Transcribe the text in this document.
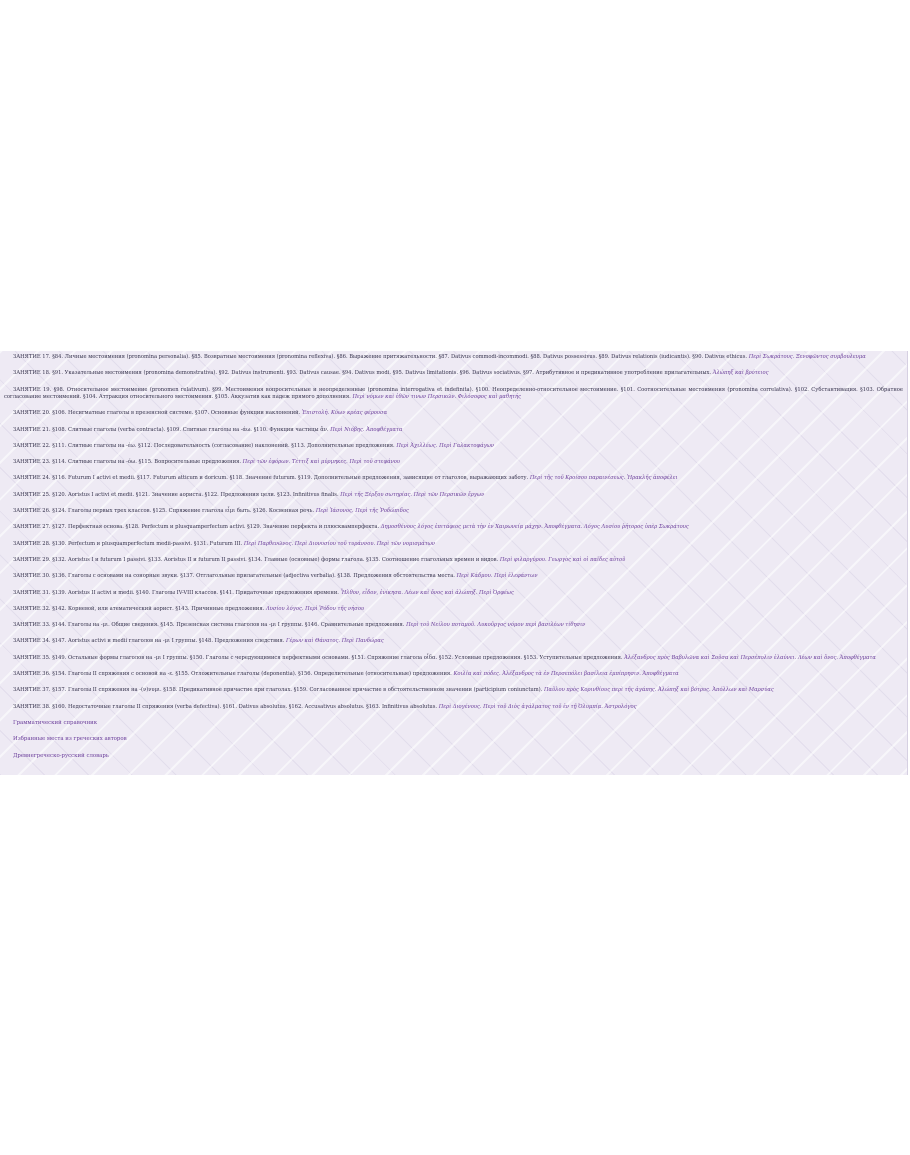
ЗАНЯТИЕ 17. §84. Личные местоимения (pronomina personalia). §85. Возвратные местоимения (pronomina reflexiva). §86. Выражение притяжательности. §87. Dativus commodi-incommodi. §88. Dativus possessivus. §89. Dativus relationis (iudicantis). §90. Dativus ethicus. Περὶ Σωκράτους. Ξενοφῶντος συμβουλευμα

ЗАНЯТИЕ 18. §91. Указательные местоимения (pronomina demonstrativa). §92. Dativus instrumenti. §93. Dativus causae. §94. Dativus modi. §95. Dativus limitationis. §96. Dativus sociativus. §97. Атрибутивное и предикативное употребление прилагательных. Ἀλώπηξ καὶ βρότειος

ЗАНЯТИЕ 19. §98. Относительное местоимение (pronomen relativum). §99. Местоимения вопросительные и неопределенные (pronomina interrogativa et indefinita). §100. Неопределенно-относительное местоимение. §101. Соотносительные местоимения (pronomina correlativa). §102. Субстантивация. §103. Обратное согласование местоимений. §104. Аттракция относительного местоимения. §105. Аккузатив как падеж прямого дополнения. Περὶ νόμων καὶ ἐθῶν τινων Περσικῶν. Φιλόσοφος καὶ μαθητής

ЗАНЯТИЕ 20. §106. Несигматные глаголы в презенсной системе. §107. Основные функции наклонений. Ἐπιστολή. Κύων κρέας φέρουσα

ЗАНЯТИЕ 21. §108. Слитные глаголы (verba contracta). §109. Слитные глаголы на -άω. §110. Функции частицы ἄν. Περὶ Νιόβης. Ἀποφθέγματα

ЗАНЯТИЕ 22. §111. Слитные глаголы на -έω. §112. Последовательность (согласование) наклонений. §113. Дополнительные предложения. Περὶ Ἀχιλλέως. Περὶ Γαλακτοφάγων

ЗАНЯТИЕ 23. §114. Слитные глаголы на -όω. §115. Вопросительные предложения. Περὶ τῶν ἐφόρων. Τέττιξ καὶ μύρμηκες. Περὶ τοῦ στεφάνου

ЗАНЯТИЕ 24. §116. Futurum I activi et medii. §117. Futurum atticum и doricum. §118. Значение futurum. §119. Дополнительные предложения, зависящие от глаголов, выражающих заботу. Περὶ τῆς τοῦ Κροίσου παραινέσεως. Ἡρακλῆς ἀποφέλει

ЗАНЯТИЕ 25. §120. Aoristus I activi et medii. §121. Значение аориста. §122. Предложения цели. §123. Infinitivus finalis. Περὶ τῆς Ξέρξου σωτηρίας. Περὶ τῶν Περσικῶν ἔργων

ЗАНЯТИЕ 26. §124. Глаголы первых трех классов. §125. Спряжение глагола εἶμι быть. §126. Косвенная речь. Περὶ Ἰάσονος. Περὶ τῆς Ῥοδώπιδος

ЗАНЯТИЕ 27. §127. Перфектная основа. §128. Perfectum и plusquamperfectum activi. §129. Значение перфекта и плюсквамперфекта. Δημοσθένους λόγος ἐπιτάφιος μετὰ τὴν ἐν Χαιρωνείᾳ μάχην. Ἀποφθέγματα. Λόγος Λυσίου ῥήτορος ὑπὲρ Σωκράτους

ЗАНЯТИЕ 28. §130. Perfectum и plusquamperfectum medii-passivi. §131. Futurum III. Περὶ Παρθενῶνος. Περὶ Διονυσίου τοῦ τυράννου. Περὶ τῶν νομισμάτων

ЗАНЯТИЕ 29. §132. Aoristus I и futurum I passivi. §133. Aoristus II и futurum II passivi. §134. Главные (основные) формы глагола. §135. Соотношение глагольных времен и видов. Περὶ φιλαργύρου. Γεωργὸς καὶ οἱ παῖδες αὐτοῦ

ЗАНЯТИЕ 30. §136. Глаголы с основами на сонорные звуки. §137. Отглагольные прилагательные (adjectiva verbalia). §138. Предложения обстоятельства места. Περὶ Κάδμου. Περὶ ἐλεφάντων

ЗАНЯТИЕ 31. §139. Aoristus II activi и medii. §140. Глаголы IV-VIII классов. §141. Придаточные предложения времени. Ἦλθον, εἶδον, ἐνίκησα. Λέων καὶ ὄνος καὶ ἀλώπηξ. Περὶ Ὀρφέως

ЗАНЯТИЕ 32. §142. Корневой, или атематический аорист. §143. Причинные предложения. Λυσίου λόγος. Περὶ Ῥόδου τῆς νήσου

ЗАНЯТИЕ 33. §144. Глаголы на -μι. Общие сведения. §145. Презенсная система глаголов на -μι I группы. §146. Сравнительные предложения. Περὶ τοῦ Νείλου ποταμοῦ. Λυκοῦργος νόμον περὶ βασιλέων τίθησιν

ЗАНЯТИЕ 34. §147. Aoristus activi и medii глаголов на -μι I группы. §148. Предложения следствия. Γέρων καὶ Θάνατος. Περὶ Πανδώρας

ЗАНЯТИЕ 35. §149. Остальные формы глаголов на -μι I группы. §150. Глаголы с чередующимися перфектными основами. §151. Спряжение глагола οἶδα. §152. Условные предложения. §153. Уступительные предложения. Ἀλέξανδρος πρὸς Βαβυλῶνα καὶ Σοῦσα καὶ Περσέπολιν ἐλαύνει. Λέων καὶ ὄνος. Ἀποφθέγματα

ЗАНЯТИЕ 36. §154. Глаголы II спряжения с основой на -ε. §155. Отложительные глаголы (deponentia). §156. Определительные (относительные) предложения. Κοιλία καὶ πόδες. Ἀλέξανδρος τὰ ἐν Περσεπόλει βασίλεια ἐμπίπρησιν. Ἀποφθέγματα

ЗАНЯТИЕ 37. §157. Глаголы II спряжения на -(ν)νυμι. §158. Предикативное причастие при глаголах. §159. Согласованное причастие в обстоятельственном значении (participium coniunctum). Παῦλου πρὸς Κορινθίους περὶ τῆς ἀγάπης. Ἀλώπηξ καὶ βότρυς. Ἀπόλλων καὶ Μαρσύας

ЗАНЯТИЕ 38. §160. Недостаточные глаголы II спряжения (verba defectiva). §161. Dativus absolutus. §162. Accusativus absolutus. §163. Infinitivus absolutus. Περὶ Διογένους. Περὶ τοῦ Διὸς ἀγάλματος τοῦ ἐν τῇ Ὀλυμπίᾳ. Ἀστρολόγος

Грамматический справочник

Избранные места из греческих авторов

Древнегреческо-русский словарь
